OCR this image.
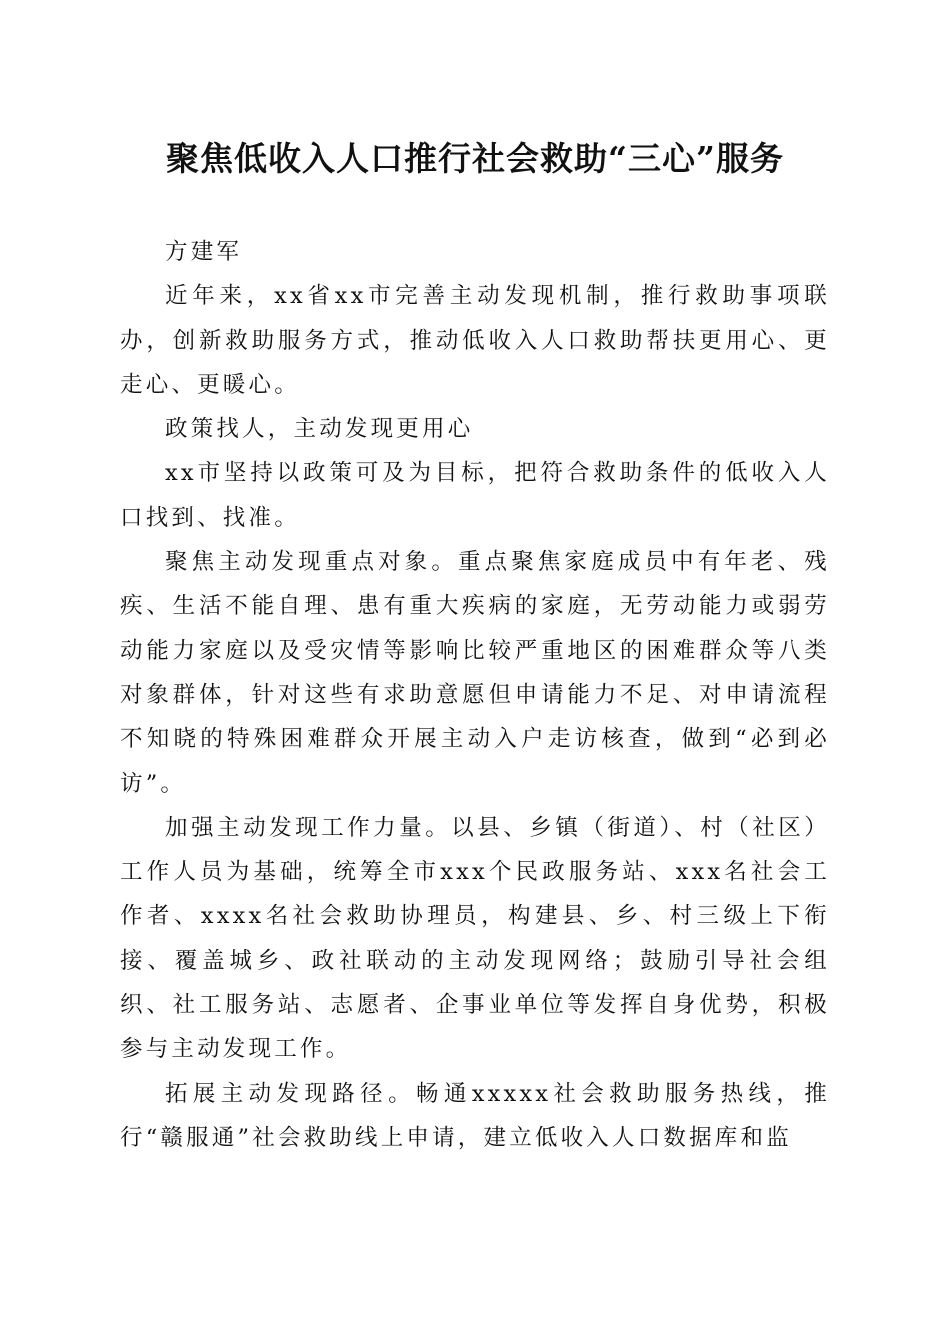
聚焦低收入人口推行社会救助“三心”服务

方建军

近年来，xx省xx市完善主动发现机制，推行救助事项联办，创新救助服务方式，推动低收入人口救助帮扶更用心、更走心、更暖心。

政策找人，主动发现更用心

xx市坚持以政策可及为目标，把符合救助条件的低收入人口找到、找准。

聚焦主动发现重点对象。重点聚焦家庭成员中有年老、残疾、生活不能自理、患有重大疾病的家庭，无劳动能力或弱劳动能力家庭以及受灾情等影响比较严重地区的困难群众等八类对象群体，针对这些有求助意愿但申请能力不足、对申请流程不知晓的特殊困难群众开展主动入户走访核查，做到“必到必访”。

加强主动发现工作力量。以县、乡镇（街道）、村（社区）工作人员为基础，统筹全市xxx个民政服务站、xxx名社会工作者、xxxx名社会救助协理员，构建县、乡、村三级上下衔接、覆盖城乡、政社联动的主动发现网络；鼓励引导社会组织、社工服务站、志愿者、企事业单位等发挥自身优势，积极参与主动发现工作。

拓展主动发现路径。畅通xxxxx社会救助服务热线，推行“赣服通”社会救助线上申请，建立低收入人口数据库和监
